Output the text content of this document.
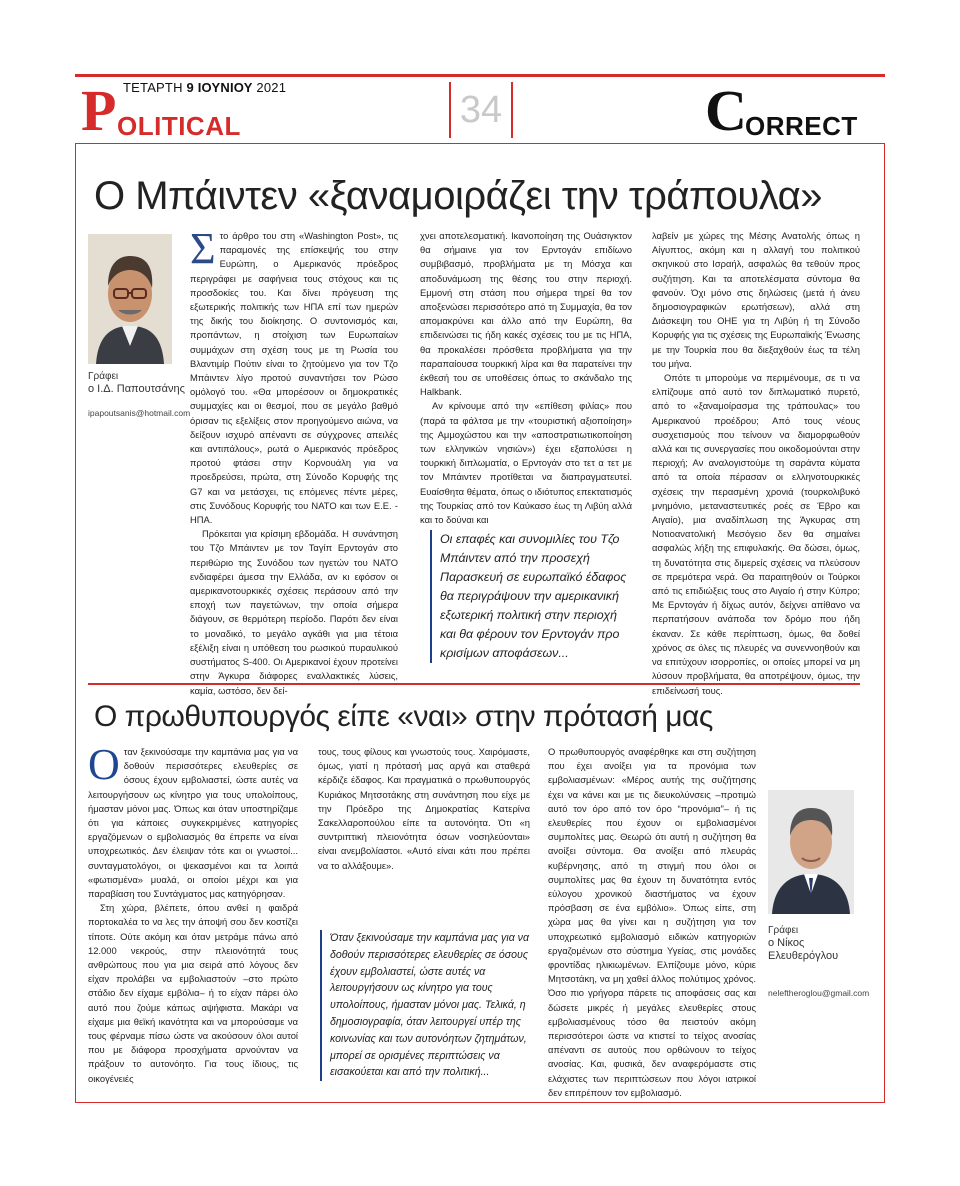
ΤΕΤΑΡΤΗ 9 ΙΟΥΝΙΟΥ 2021
P OLITICAL	34	C
ORRECT
Ο Μπάιντεν «ξαναμοιράζει την τράπουλα»
Γράφει
ο Ι.Δ. Παπουτσάνης
ipapoutsanis@hotmail.com

Στο άρθρο του στη «Washington Post», τις παραμονές της επίσκεψής του στην Ευρώπη, ο Αμερικανός πρόεδρος περιγράφει με σαφήνεια τους στόχους και τις προσδοκίες του. Και δίνει πρόγευση της εξωτερικής πολιτικής των ΗΠΑ επί των ημερών της δικής του διοίκησης. Ο συντονισμός και, προπάντων, η στοίχιση των Ευρωπαίων συμμάχων στη σχέση τους με τη Ρωσία του Βλαντιμίρ Πούτιν είναι το ζητούμενο για τον Τζο Μπάιντεν λίγο προτού συναντήσει τον Ρώσο ομόλογό του. «Θα μπορέσουν οι δημοκρατικές συμμαχίες και οι θεσμοί, που σε μεγάλο βαθμό όρισαν τις εξελίξεις στον προηγούμενο αιώνα, να δείξουν ισχυρό απέναντι σε σύγχρονες απειλές και αντιπάλους», ρωτά ο Αμερικανός πρόεδρος προτού φτάσει στην Κορνουάλη για να προεδρεύσει, πρώτα, στη Σύνοδο Κορυφής της G7 και να μετάσχει, τις επόμενες πέντε μέρες, στις Συνόδους Κορυφής του ΝΑΤΟ και των Ε.Ε. - ΗΠΑ.

Πρόκειται για κρίσιμη εβδομάδα. Η συνάντηση του Τζο Μπάιντεν με τον Ταγίπ Ερντογάν στο περιθώριο της Συνόδου των ηγετών του ΝΑΤΟ ενδιαφέρει άμεσα την Ελλάδα, αν κι εφόσον οι αμερικανοτουρκικές σχέσεις περάσουν από την εποχή των παγετώνων, την οποία σήμερα διάγουν, σε θερμότερη περίοδο. Παρότι δεν είναι το μοναδικό, το μεγάλο αγκάθι για μια τέτοια εξέλιξη είναι η υπόθεση του ρωσικού πυραυλικού συστήματος S-400. Οι Αμερικανοί έχουν προτείνει στην Άγκυρα διάφορες εναλλακτικές λύσεις, καμία, ωστόσο, δεν δεί-

χνει αποτελεσματική. Ικανοποίηση της Ουάσιγκτον θα σήμαινε για τον Ερντογάν επιδίωνο συμβιβασμό, προβλήματα με τη Μόσχα και αποδυνάμωση της θέσης του στην περιοχή. Εμμονή στη στάση που σήμερα τηρεί θα τον αποξενώσει περισσότερο από τη Συμμαχία, θα τον απομακρύνει και άλλο από την Ευρώπη, θα επιδεινώσει τις ήδη κακές σχέσεις του με τις ΗΠΑ, θα προκαλέσει πρόσθετα προβλήματα για την παραπαίουσα τουρκική λίρα και θα παρατείνει την έκθεσή του σε υποθέσεις όπως το σκάνδαλο της Halkbank.

Αν κρίνουμε από την «επίθεση φιλίας» που (παρά τα φάλτσα με την «τουριστική αξιοποίηση» της Αμμοχώστου και την «αποστρατιωτικοποίηση των ελληνικών νησιών») έχει εξαπολύσει η τουρκική διπλωματία, ο Ερντογάν στο τετ α τετ με τον Μπάιντεν προτίθεται να διαπραγματευτεί. Ευαίσθητα θέματα, όπως ο ιδιότυπος επεκτατισμός της Τουρκίας από τον Καύκασο έως τη Λιβύη αλλά και το δούναι και

Οι επαφές και συνομιλίες του Τζο Μπάιντεν από την προσεχή Παρασκευή σε ευρωπαϊκό έδαφος θα περιγράψουν την αμερικανική εξωτερική πολιτική στην περιοχή και θα φέρουν τον Ερντογάν προ κρισίμων αποφάσεων...

λαβείν με χώρες της Μέσης Ανατολής όπως η Αίγυπτος, ακόμη και η αλλαγή του πολιτικού σκηνικού στο Ισραήλ, ασφαλώς θα τεθούν προς συζήτηση. Και τα αποτελέσματα σύντομα θα φανούν. Όχι μόνο στις δηλώσεις (μετά ή άνευ δημοσιογραφικών ερωτήσεων), αλλά στη Διάσκεψη του ΟΗΕ για τη Λιβύη ή τη Σύνοδο Κορυφής για τις σχέσεις της Ευρωπαϊκής Ένωσης με την Τουρκία που θα διεξαχθούν έως τα τέλη του μήνα.

Οπότε τι μπορούμε να περιμένουμε, σε τι να ελπίζουμε από αυτό τον διπλωματικό πυρετό, από το «ξαναμοίρασμα της τράπουλας» του Αμερικανού προέδρου; Από τους νέους συσχετισμούς που τείνουν να διαμορφωθούν αλλά και τις συνεργασίες που οικοδομούνται στην περιοχή; Αν αναλογιστούμε τη σαράντα κύματα από τα οποία πέρασαν οι ελληνοτουρκικές σχέσεις την περασμένη χρονιά (τουρκολιβυκό μνημόνιο, μεταναστευτικές ροές σε Έβρο και Αιγαίο), μια αναδίπλωση της Άγκυρας στη Νοτιοανατολική Μεσόγειο δεν θα σημαίνει ασφαλώς λήξη της επιφυλακής. Θα δώσει, όμως, τη δυνατότητα στις διμερείς σχέσεις να πλεύσουν σε πρεμότερα νερά. Θα παραιτηθούν οι Τούρκοι από τις επιδιώξεις τους στο Αιγαίο ή στην Κύπρο; Με Ερντογάν ή δίχως αυτόν, δείχνει απίθανο να περπατήσουν ανάποδα τον δρόμο που ήδη έκαναν. Σε κάθε περίπτωση, όμως, θα δοθεί χρόνος σε όλες τις πλευρές να συνεννοηθούν και να επιτύχουν ισορροπίες, οι οποίες μπορεί να μη λύσουν προβλήματα, θα αποτρέψουν, όμως, την επιδείνωσή τους.

Ο πρωθυπουργός είπε «ναι» στην πρότασή μας

Οταν ξεκινούσαμε την καμπάνια μας για να δοθούν περισσότερες ελευθερίες σε όσους έχουν εμβολιαστεί, ώστε αυτές να λειτουργήσουν ως κίνητρο για τους υπολοίπους, ήμασταν μόνοι μας. Όπως και όταν υποστηρίζαμε ότι για κάποιες συγκεκριμένες κατηγορίες εργαζόμενων ο εμβολιασμός θα έπρεπε να είναι υποχρεωτικός. Δεν έλειψαν τότε και οι γνωστοί... συνταγματολόγοι, οι ψεκασμένοι και τα λοιπά «φωτισμένα» μυαλά, οι οποίοι μέχρι και για παραβίαση του Συντάγματος μας κατηγόρησαν.

Στη χώρα, βλέπετε, όπου ανθεί η φαιδρά πορτοκαλέα το να λες την άποψή σου δεν κοστίζει τίποτε. Ούτε ακόμη και όταν μετράμε πάνω από 12.000 νεκρούς, στην πλειονότητά τους ανθρώπους που για μια σειρά από λόγους δεν είχαν προλάβει να εμβολιαστούν –στο πρώτο στάδιο δεν είχαμε εμβόλια– ή το είχαν πάρει όλο αυτό που ζούμε κάπως αψήφιστα. Μακάρι να είχαμε μια θεϊκή ικανότητα και να μπορούσαμε να τους φέρναμε πίσω ώστε να ακούσουν όλοι αυτοί που με διάφορα προσχήματα αρνούνταν να πράξουν το αυτονόητο. Για τους ίδιους, τις οικογένειές

τους, τους φίλους και γνωστούς τους. Χαιρόμαστε, όμως, γιατί η πρότασή μας αργά και σταθερά κέρδιζε έδαφος. Και πραγματικά ο πρωθυπουργός Κυριάκος Μητσοτάκης στη συνάντηση που είχε με την Πρόεδρο της Δημοκρατίας Κατερίνα Σακελλαροπούλου είπε τα αυτονόητα. Ότι «η συντριπτική πλειονότητα όσων νοσηλεύονται» είναι ανεμβολίαστοι. «Αυτό είναι κάτι που πρέπει να το αλλάξουμε».

Όταν ξεκινούσαμε την καμπάνια μας για να δοθούν περισσότερες ελευθερίες σε όσους έχουν εμβολιαστεί, ώστε αυτές να λειτουργήσουν ως κίνητρο για τους υπολοίπους, ήμασταν μόνοι μας. Τελικά, η δημοσιογραφία, όταν λειτουργεί υπέρ της κοινωνίας και των αυτονόητων ζητημάτων, μπορεί σε ορισμένες περιπτώσεις να εισακούεται και από την πολιτική...

Ο πρωθυπουργός αναφέρθηκε και στη συζήτηση που έχει ανοίξει για τα προνόμια των εμβολιασμένων: «Μέρος αυτής της συζήτησης έχει να κάνει και με τις διευκολύνσεις –προτιμώ αυτό τον όρο από τον όρο “προνόμια”– ή τις ελευθερίες που έχουν οι εμβολιασμένοι συμπολίτες μας. Θεωρώ ότι αυτή η συζήτηση θα ανοίξει σύντομα. Θα ανοίξει από πλευράς κυβέρνησης, από τη στιγμή που όλοι οι συμπολίτες μας θα έχουν τη δυνατότητα εντός εύλογου χρονικού διαστήματος να έχουν πρόσβαση σε ένα εμβόλιο». Όπως είπε, στη χώρα μας θα γίνει και η συζήτηση για τον υποχρεωτικό εμβολιασμό ειδικών κατηγοριών εργαζομένων στο σύστημα Υγείας, στις μονάδες φροντίδας ηλικιωμένων. Ελπίζουμε μόνο, κύριε Μητσοτάκη, να μη χαθεί άλλος πολύτιμος χρόνος. Όσο πιο γρήγορα πάρετε τις αποφάσεις σας και δώσετε μικρές ή μεγάλες ελευθερίες στους εμβολιασμένους τόσο θα πειστούν ακόμη περισσότεροι ώστε να κτιστεί το τείχος ανοσίας απέναντι σε αυτούς που ορθώνουν το τείχος ανοσίας. Και, φυσικά, δεν αναφερόμαστε στις ελάχιστες των περιπτώσεων που λόγοι ιατρικοί δεν επιτρέπουν τον εμβολιασμό.

Γράφει
ο Νίκος Ελευθερόγλου
neleftheroglou@gmail.com
